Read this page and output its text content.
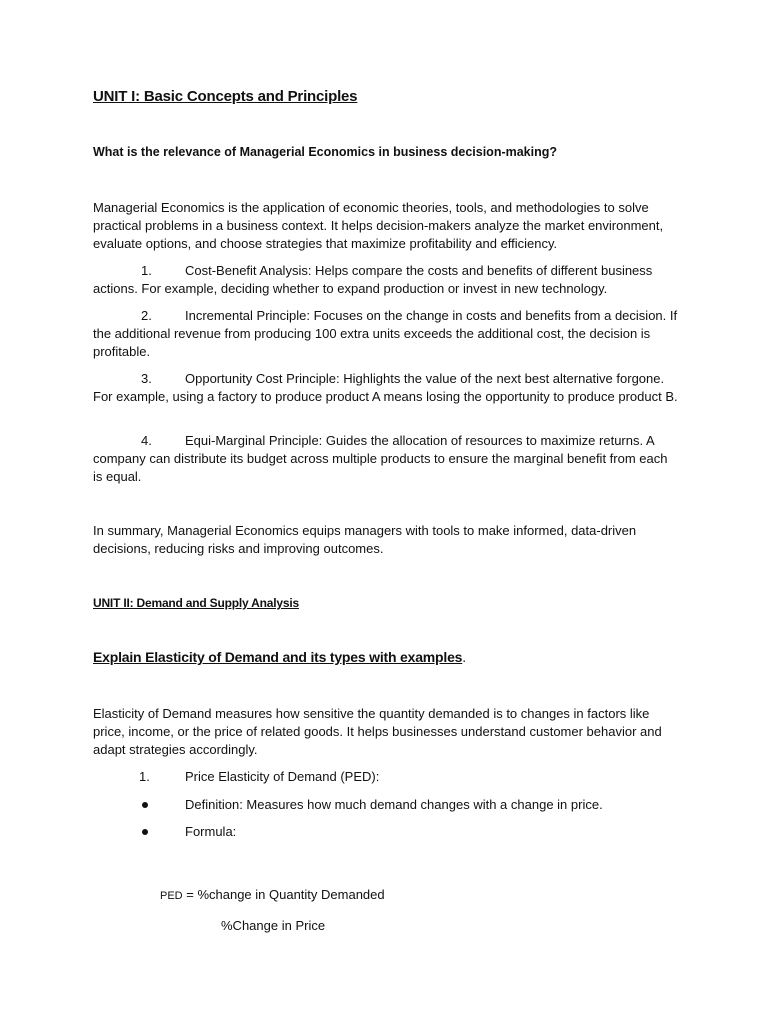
UNIT I: Basic Concepts and Principles
What is the relevance of Managerial Economics in business decision-making?
Managerial Economics is the application of economic theories, tools, and methodologies to solve practical problems in a business context. It helps decision-makers analyze the market environment, evaluate options, and choose strategies that maximize profitability and efficiency.
1.	Cost-Benefit Analysis: Helps compare the costs and benefits of different business
actions. For example, deciding whether to expand production or invest in new technology.
2.	Incremental Principle: Focuses on the change in costs and benefits from a decision. If
the additional revenue from producing 100 extra units exceeds the additional cost, the decision is profitable.
3.	Opportunity Cost Principle: Highlights the value of the next best alternative forgone.
For example, using a factory to produce product A means losing the opportunity to produce product B.
4.	Equi-Marginal Principle: Guides the allocation of resources to maximize returns. A
company can distribute its budget across multiple products to ensure the marginal benefit from each is equal.
In summary, Managerial Economics equips managers with tools to make informed, data-driven decisions, reducing risks and improving outcomes.
UNIT II: Demand and Supply Analysis
Explain Elasticity of Demand and its types with examples.
Elasticity of Demand measures how sensitive the quantity demanded is to changes in factors like price, income, or the price of related goods. It helps businesses understand customer behavior and adapt strategies accordingly.
1.	Price Elasticity of Demand (PED):
Definition: Measures how much demand changes with a change in price.
Formula:
PED = %change in Quantity Demanded
%Change in Price
